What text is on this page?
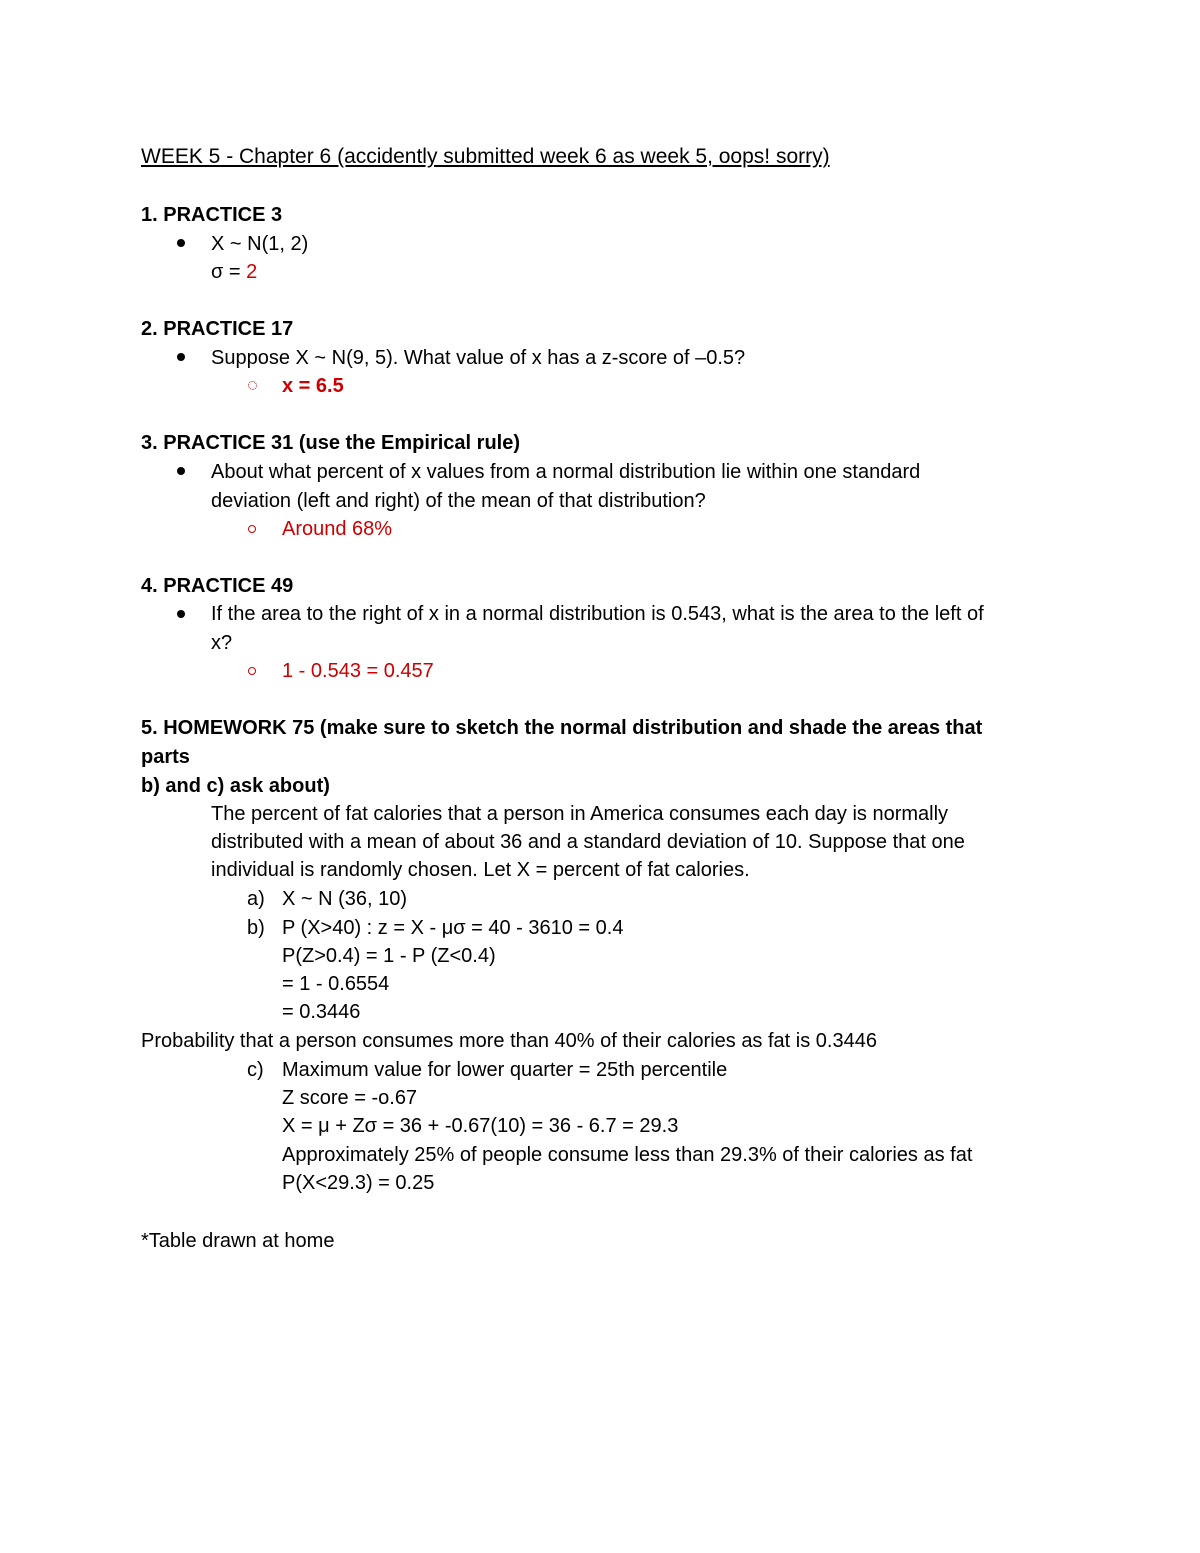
WEEK 5 - Chapter 6 (accidently submitted week 6 as week 5, oops! sorry)
1. PRACTICE 3
X ~ N(1, 2)
σ = 2
2. PRACTICE 17
Suppose X ~ N(9, 5). What value of x has a z-score of –0.5?
x = 6.5
3. PRACTICE 31 (use the Empirical rule)
About what percent of x values from a normal distribution lie within one standard
deviation (left and right) of the mean of that distribution?
Around 68%
4. PRACTICE 49
If the area to the right of x in a normal distribution is 0.543, what is the area to the left of
x?
1 - 0.543 = 0.457
5. HOMEWORK 75 (make sure to sketch the normal distribution and shade the areas that
parts
b) and c) ask about)
The percent of fat calories that a person in America consumes each day is normally
distributed with a mean of about 36 and a standard deviation of 10. Suppose that one
individual is randomly chosen. Let X = percent of fat calories.
a) X ~ N (36, 10)
b) P (X>40) : z = X - μσ = 40 - 3610 = 0.4
P(Z>0.4) = 1 - P (Z<0.4)
= 1 - 0.6554
= 0.3446
Probability that a person consumes more than 40% of their calories as fat is 0.3446
c) Maximum value for lower quarter = 25th percentile
Z score = -o.67
X = μ + Zσ = 36 + -0.67(10) = 36 - 6.7 = 29.3
Approximately 25% of people consume less than 29.3% of their calories as fat
P(X<29.3) = 0.25
*Table drawn at home
